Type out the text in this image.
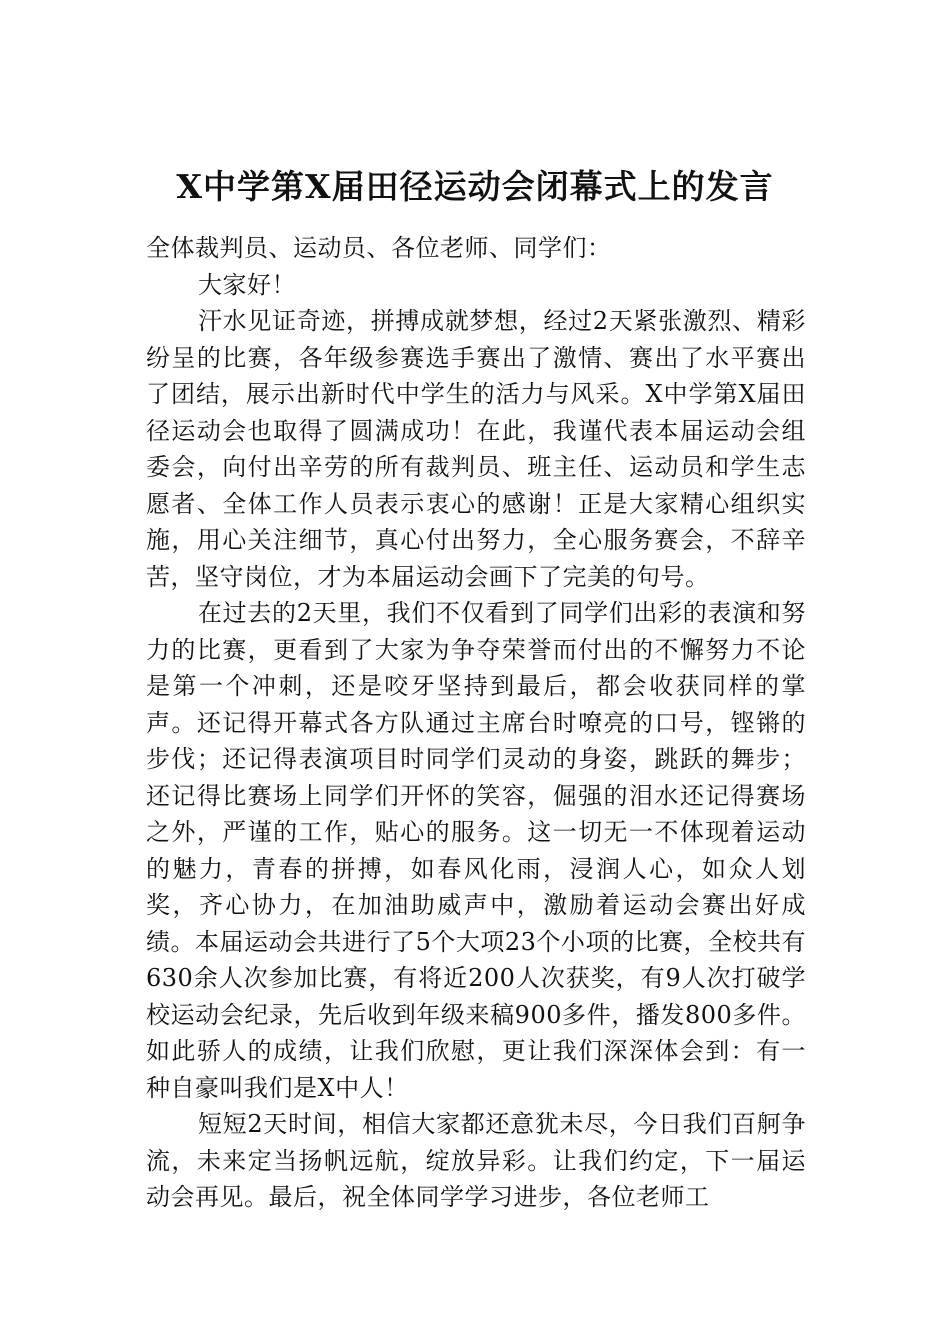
X中学第X届田径运动会闭幕式上的发言

全体裁判员、运动员、各位老师、同学们：

大家好！

汗水见证奇迹，拼搏成就梦想，经过2天紧张激烈、精彩纷呈的比赛，各年级参赛选手赛出了激情、赛出了水平赛出了团结，展示出新时代中学生的活力与风采。X中学第X届田径运动会也取得了圆满成功！在此，我谨代表本届运动会组委会，向付出辛劳的所有裁判员、班主任、运动员和学生志愿者、全体工作人员表示衷心的感谢！正是大家精心组织实施，用心关注细节，真心付出努力，全心服务赛会，不辞辛苦，坚守岗位，才为本届运动会画下了完美的句号。

在过去的2天里，我们不仅看到了同学们出彩的表演和努力的比赛，更看到了大家为争夺荣誉而付出的不懈努力不论是第一个冲刺，还是咬牙坚持到最后，都会收获同样的掌声。还记得开幕式各方队通过主席台时嘹亮的口号，铿锵的步伐；还记得表演项目时同学们灵动的身姿，跳跃的舞步；还记得比赛场上同学们开怀的笑容，倔强的泪水还记得赛场之外，严谨的工作，贴心的服务。这一切无一不体现着运动的魅力，青春的拼搏，如春风化雨，浸润人心，如众人划奖，齐心协力，在加油助威声中，激励着运动会赛出好成绩。本届运动会共进行了5个大项23个小项的比赛，全校共有630余人次参加比赛，有将近200人次获奖，有9人次打破学校运动会纪录，先后收到年级来稿900多件，播发800多件。如此骄人的成绩，让我们欣慰，更让我们深深体会到：有一种自豪叫我们是X中人！

短短2天时间，相信大家都还意犹未尽，今日我们百舸争流，未来定当扬帆远航，绽放异彩。让我们约定，下一届运动会再见。最后，祝全体同学学习进步，各位老师工
